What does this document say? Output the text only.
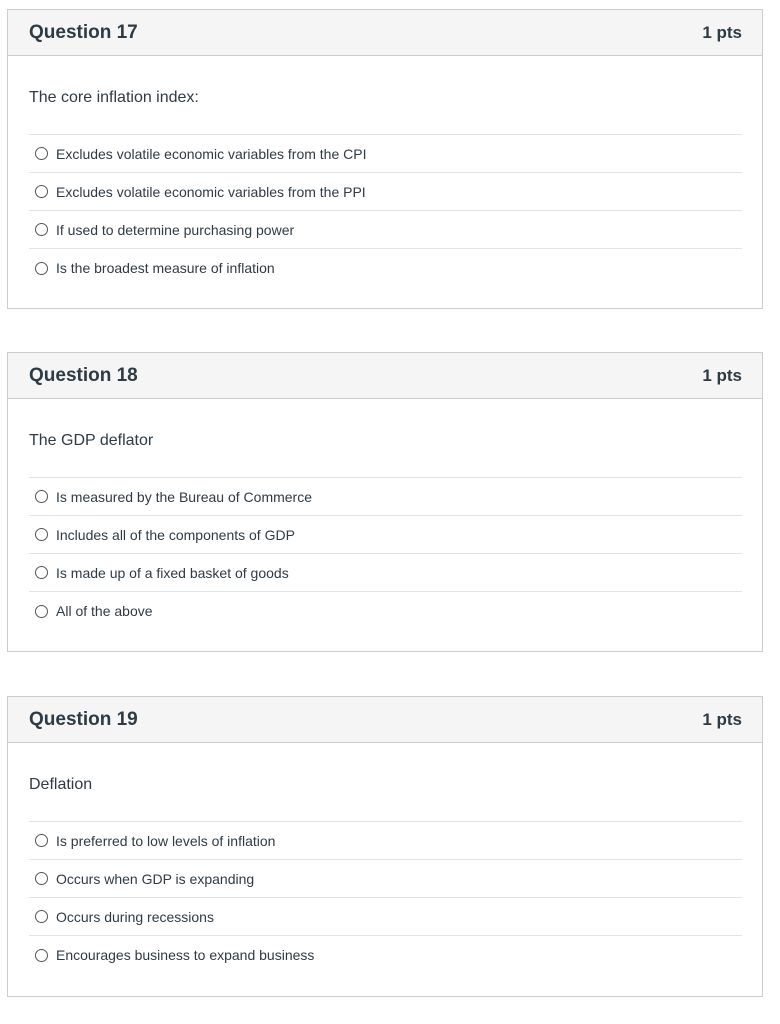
Question 17	1 pts
The core inflation index:
Excludes volatile economic variables from the CPI
Excludes volatile economic variables from the PPI
If used to determine purchasing power
Is the broadest measure of inflation
Question 18	1 pts
The GDP deflator
Is measured by the Bureau of Commerce
Includes all of the components of GDP
Is made up of a fixed basket of goods
All of the above
Question 19	1 pts
Deflation
Is preferred to low levels of inflation
Occurs when GDP is expanding
Occurs during recessions
Encourages business to expand business
